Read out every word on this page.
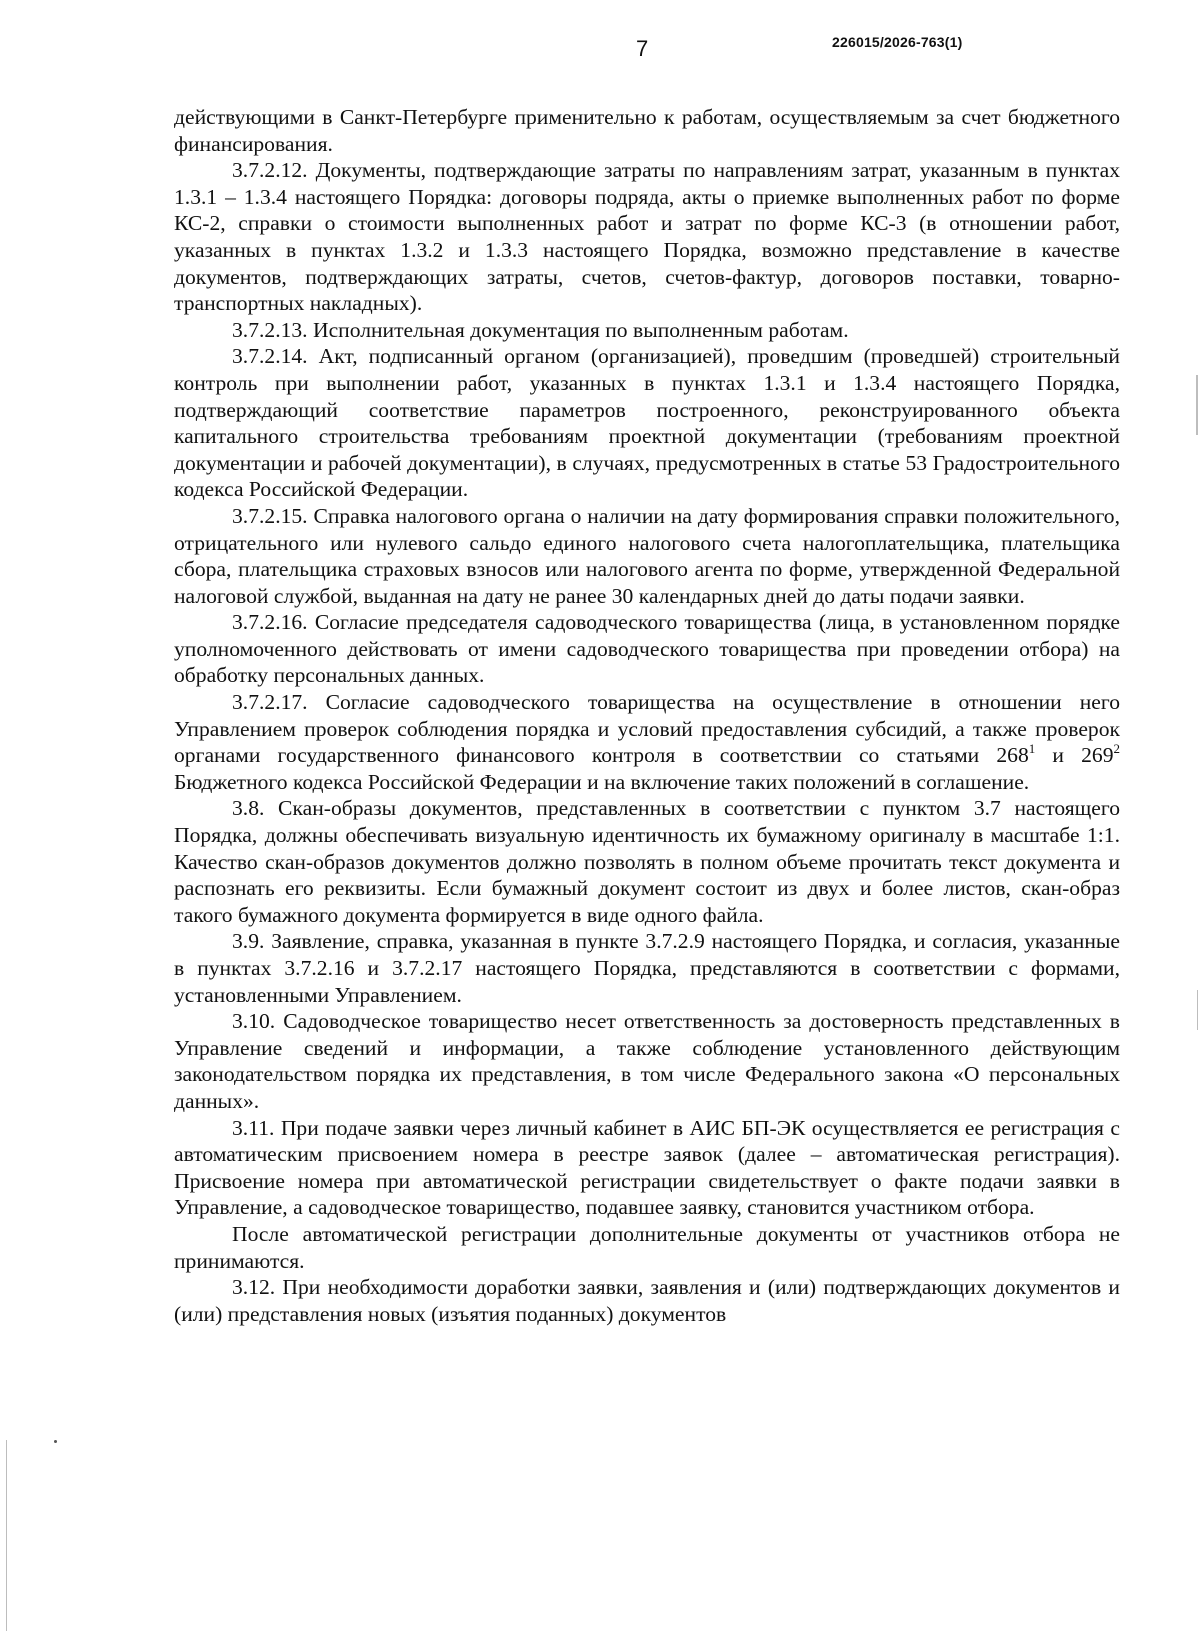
7	226015/2026-763(1)

действующими в Санкт-Петербурге применительно к работам, осуществляемым за счет бюджетного финансирования.

3.7.2.12. Документы, подтверждающие затраты по направлениям затрат, указанным в пунктах 1.3.1 – 1.3.4 настоящего Порядка: договоры подряда, акты о приемке выполненных работ по форме КС-2, справки о стоимости выполненных работ и затрат по форме КС-3 (в отношении работ, указанных в пунктах 1.3.2 и 1.3.3 настоящего Порядка, возможно представление в качестве документов, подтверждающих затраты, счетов, счетов-фактур, договоров поставки, товарно-транспортных накладных).

3.7.2.13. Исполнительная документация по выполненным работам.

3.7.2.14. Акт, подписанный органом (организацией), проведшим (проведшей) строительный контроль при выполнении работ, указанных в пунктах 1.3.1 и 1.3.4 настоящего Порядка, подтверждающий соответствие параметров построенного, реконструированного объекта капитального строительства требованиям проектной документации (требованиям проектной документации и рабочей документации), в случаях, предусмотренных в статье 53 Градостроительного кодекса Российской Федерации.

3.7.2.15. Справка налогового органа о наличии на дату формирования справки положительного, отрицательного или нулевого сальдо единого налогового счета налогоплательщика, плательщика сбора, плательщика страховых взносов или налогового агента по форме, утвержденной Федеральной налоговой службой, выданная на дату не ранее 30 календарных дней до даты подачи заявки.

3.7.2.16. Согласие председателя садоводческого товарищества (лица, в установленном порядке уполномоченного действовать от имени садоводческого товарищества при проведении отбора) на обработку персональных данных.

3.7.2.17. Согласие садоводческого товарищества на осуществление в отношении него Управлением проверок соблюдения порядка и условий предоставления субсидий, а также проверок органами государственного финансового контроля в соответствии со статьями $268^1$ и $269^2$ Бюджетного кодекса Российской Федерации и на включение таких положений в соглашение.

3.8. Скан-образы документов, представленных в соответствии с пунктом 3.7 настоящего Порядка, должны обеспечивать визуальную идентичность их бумажному оригиналу в масштабе 1:1. Качество скан-образов документов должно позволять в полном объеме прочитать текст документа и распознать его реквизиты. Если бумажный документ состоит из двух и более листов, скан-образ такого бумажного документа формируется в виде одного файла.

3.9. Заявление, справка, указанная в пункте 3.7.2.9 настоящего Порядка, и согласия, указанные в пунктах 3.7.2.16 и 3.7.2.17 настоящего Порядка, представляются в соответствии с формами, установленными Управлением.

3.10. Садоводческое товарищество несет ответственность за достоверность представленных в Управление сведений и информации, а также соблюдение установленного действующим законодательством порядка их представления, в том числе Федерального закона «О персональных данных».

3.11. При подаче заявки через личный кабинет в АИС БП-ЭК осуществляется ее регистрация с автоматическим присвоением номера в реестре заявок (далее – автоматическая регистрация). Присвоение номера при автоматической регистрации свидетельствует о факте подачи заявки в Управление, а садоводческое товарищество, подавшее заявку, становится участником отбора.

После автоматической регистрации дополнительные документы от участников отбора не принимаются.

3.12. При необходимости доработки заявки, заявления и (или) подтверждающих документов и (или) представления новых (изъятия поданных) документов
